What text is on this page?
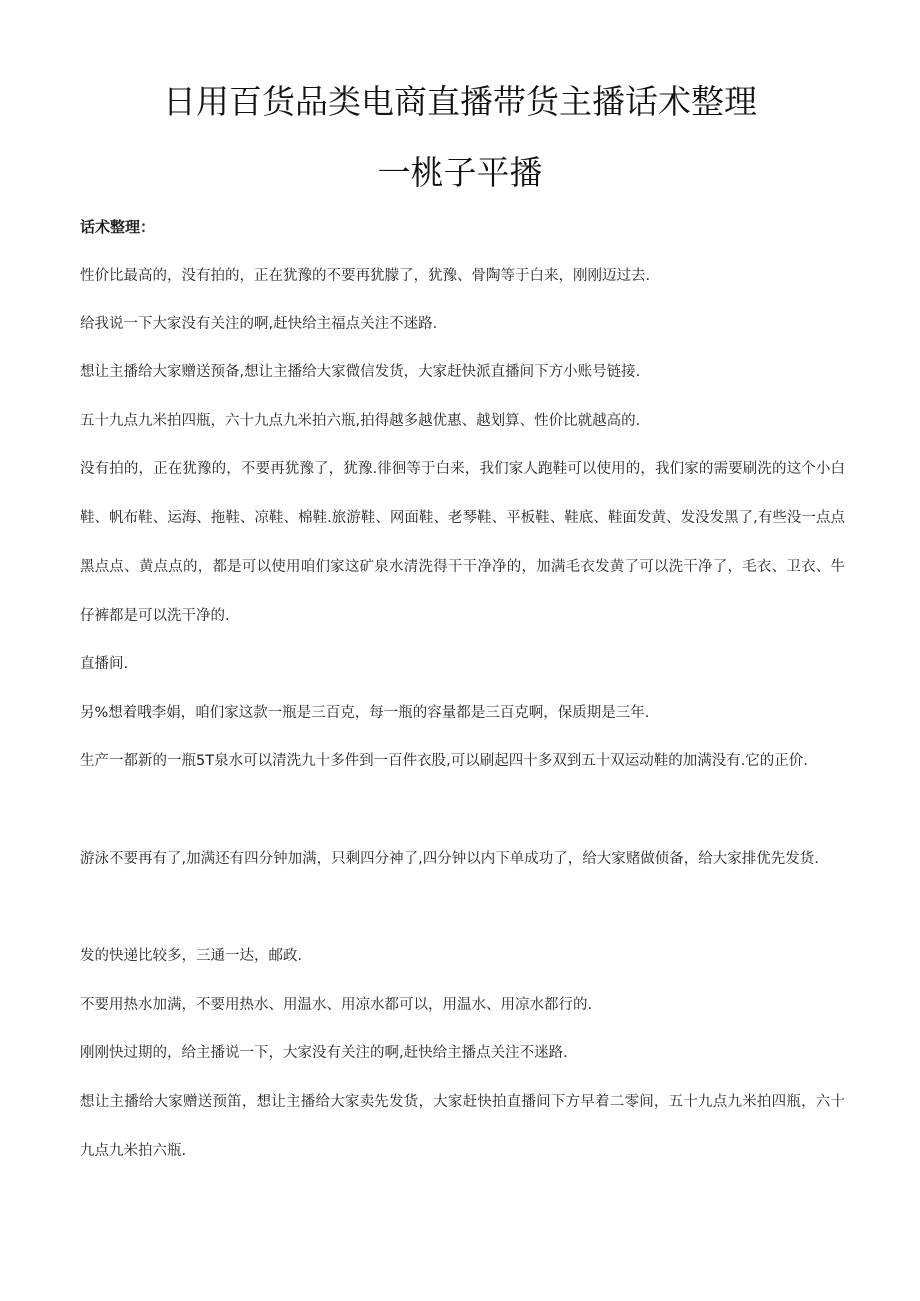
日用百货品类电商直播带货主播话术整理
一桃子平播

话术整理：

性价比最高的，没有拍的，正在犹豫的不要再犹朦了，犹豫、骨陶等于白来，刚刚迈过去.

给我说一下大家没有关注的啊,赶快给主福点关注不迷路.

想让主播给大家赠送预备,想让主播给大家微信发货，大家赶快派直播间下方小账号链接.

五十九点九米拍四瓶，六十九点九米拍六瓶,拍得越多越优惠、越划算、性价比就越高的.

没有拍的，正在犹豫的，不要再犹豫了，犹豫.徘徊等于白来，我们家人跑鞋可以使用的，我们家的需要刷洗的这个小白鞋、帆布鞋、运海、拖鞋、凉鞋、棉鞋.旅游鞋、网面鞋、老琴鞋、平板鞋、鞋底、鞋面发黄、发没发黑了,有些没一点点黑点点、黄点点的，都是可以使用咱们家这矿泉水清洗得干干净净的，加满毛衣发黄了可以洗干净了，毛衣、卫衣、牛仔裤都是可以洗干净的.

直播间.

另%想着哦李娟，咱们家这款一瓶是三百克，每一瓶的容量都是三百克啊，保质期是三年.

生产一都新的一瓶5T泉水可以清洗九十多件到一百件衣股,可以刷起四十多双到五十双运动鞋的加满没有.它的正价.

游泳不要再有了,加满还有四分钟加满，只剩四分神了,四分钟以内下单成功了，给大家赌做侦备，给大家排优先发货.

发的快递比较多，三通一达，邮政.

不要用热水加满，不要用热水、用温水、用凉水都可以，用温水、用凉水都行的.

刚刚快过期的，给主播说一下，大家没有关注的啊,赶快给主播点关注不迷路.

想让主播给大家赠送预笛，想让主播给大家卖先发货，大家赶快拍直播间下方早着二零间，五十九点九米拍四瓶，六十九点九米拍六瓶.
